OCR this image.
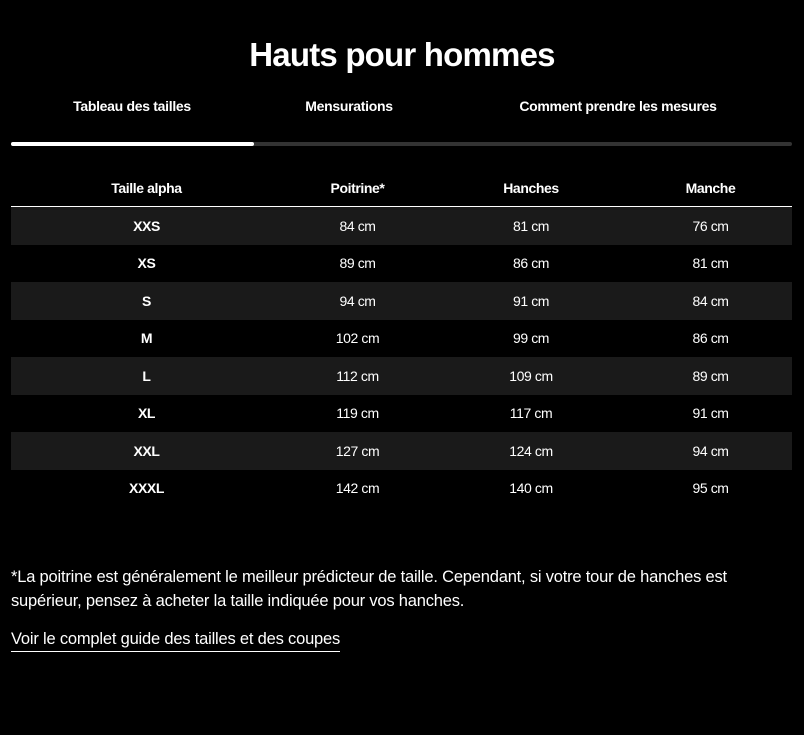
Hauts pour hommes
Tableau des tailles	Mensurations	Comment prendre les mesures
Taille alpha	Poitrine*	Hanches	Manche
XXS	84 cm	81 cm	76 cm
XS	89 cm	86 cm	81 cm
S	94 cm	91 cm	84 cm
M	102 cm	99 cm	86 cm
L	112 cm	109 cm	89 cm
XL	119 cm	117 cm	91 cm
XXL	127 cm	124 cm	94 cm
XXXL	142 cm	140 cm	95 cm

*La poitrine est généralement le meilleur prédicteur de taille. Cependant, si votre tour de hanches est supérieur, pensez à acheter la taille indiquée pour vos hanches.

Voir le complet guide des tailles et des coupes
